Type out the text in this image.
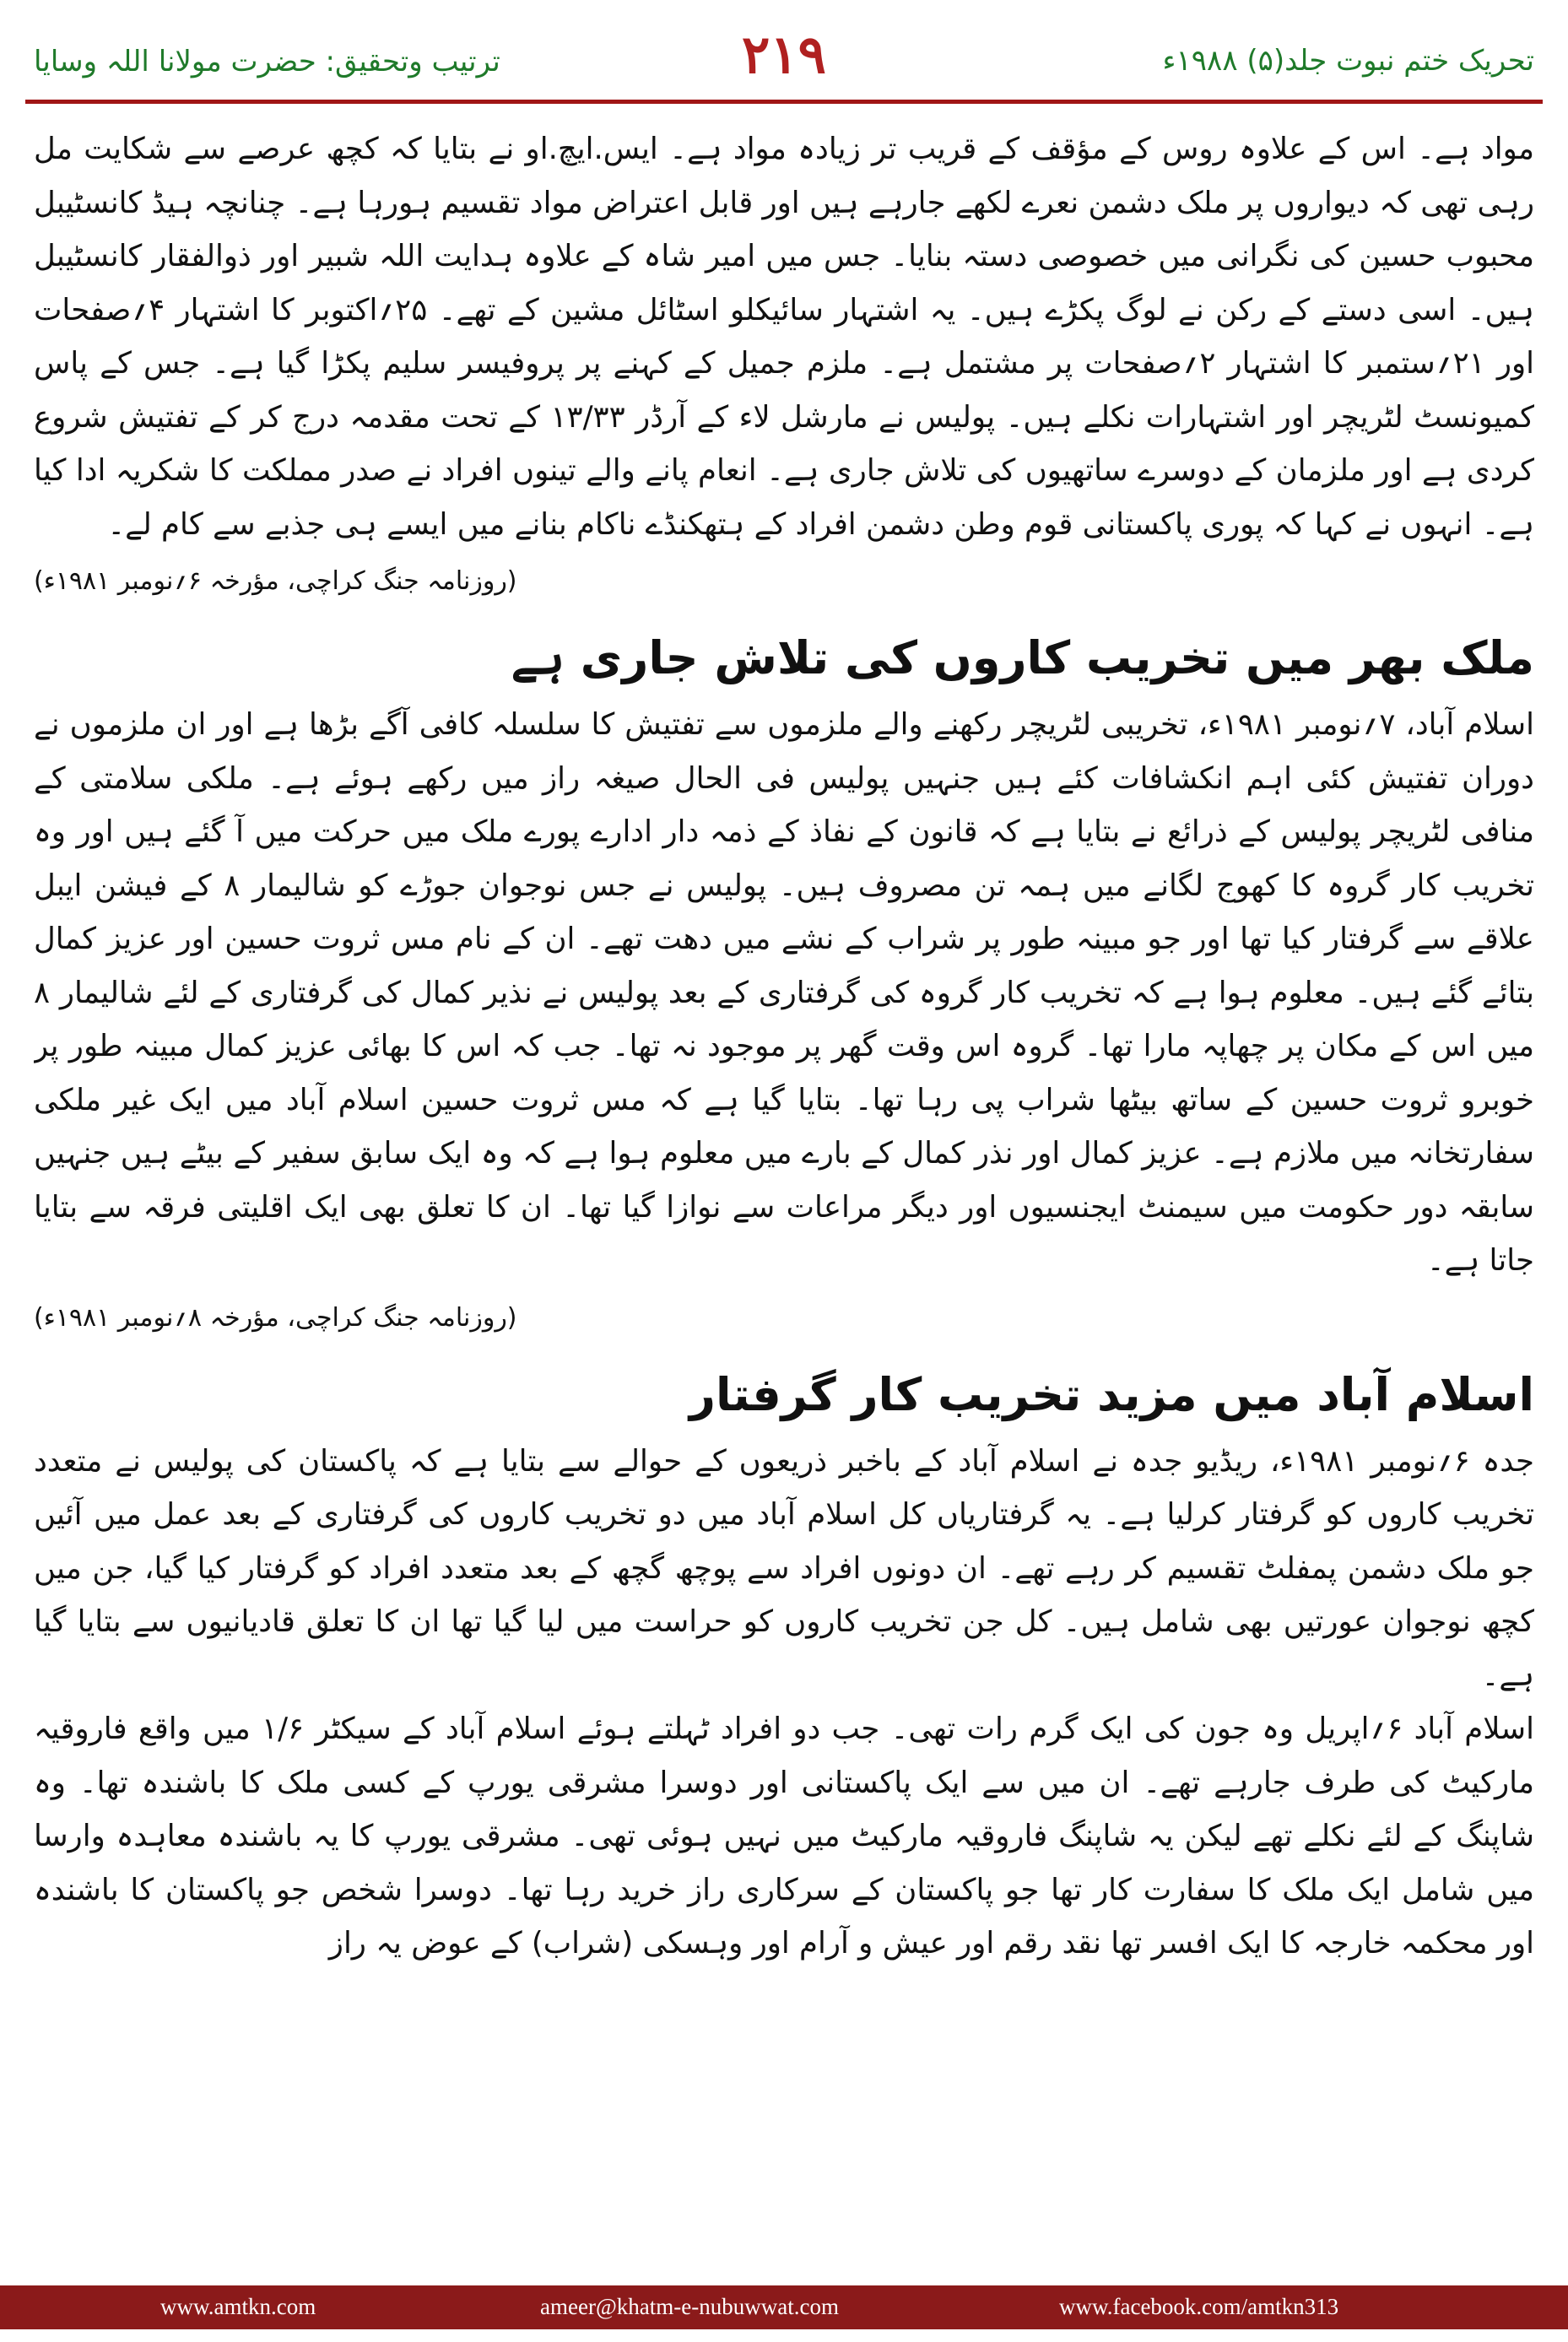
تحریک ختم نبوت جلد(۵) ۱۹۸۸ء
۲۱۹
ترتیب وتحقیق: حضرت مولانا اللہ وسایا

مواد ہے۔ اس کے علاوہ روس کے مؤقف کے قریب تر زیادہ مواد ہے۔ ایس.ایچ.او نے بتایا کہ کچھ عرصے سے شکایت مل رہی تھی کہ دیواروں پر ملک دشمن نعرے لکھے جارہے ہیں اور قابل اعتراض مواد تقسیم ہورہا ہے۔ چنانچہ ہیڈ کانسٹیبل محبوب حسین کی نگرانی میں خصوصی دستہ بنایا۔ جس میں امیر شاہ کے علاوہ ہدایت اللہ شبیر اور ذوالفقار کانسٹیبل ہیں۔ اسی دستے کے رکن نے لوگ پکڑے ہیں۔ یہ اشتہار سائیکلو اسٹائل مشین کے تھے۔ ۲۵؍اکتوبر کا اشتہار ۴؍صفحات اور ۲۱؍ستمبر کا اشتہار ۲؍صفحات پر مشتمل ہے۔ ملزم جمیل کے کہنے پر پروفیسر سلیم پکڑا گیا ہے۔ جس کے پاس کمیونسٹ لٹریچر اور اشتہارات نکلے ہیں۔ پولیس نے مارشل لاء کے آرڈر ۱۳/۳۳ کے تحت مقدمہ درج کر کے تفتیش شروع کردی ہے اور ملزمان کے دوسرے ساتھیوں کی تلاش جاری ہے۔ انعام پانے والے تینوں افراد نے صدر مملکت کا شکریہ ادا کیا ہے۔ انہوں نے کہا کہ پوری پاکستانی قوم وطن دشمن افراد کے ہتھکنڈے ناکام بنانے میں ایسے ہی جذبے سے کام لے۔

(روزنامہ جنگ کراچی، مؤرخہ ۶؍نومبر ۱۹۸۱ء)
ملک بھر میں تخریب کاروں کی تلاش جاری ہے

اسلام آباد، ۷؍نومبر ۱۹۸۱ء، تخریبی لٹریچر رکھنے والے ملزموں سے تفتیش کا سلسلہ کافی آگے بڑھا ہے اور ان ملزموں نے دوران تفتیش کئی اہم انکشافات کئے ہیں جنہیں پولیس فی الحال صیغہ راز میں رکھے ہوئے ہے۔ ملکی سلامتی کے منافی لٹریچر پولیس کے ذرائع نے بتایا ہے کہ قانون کے نفاذ کے ذمہ دار ادارے پورے ملک میں حرکت میں آ گئے ہیں اور وہ تخریب کار گروہ کا کھوج لگانے میں ہمہ تن مصروف ہیں۔ پولیس نے جس نوجوان جوڑے کو شالیمار ۸ کے فیشن ایبل علاقے سے گرفتار کیا تھا اور جو مبینہ طور پر شراب کے نشے میں دھت تھے۔ ان کے نام مس ثروت حسین اور عزیز کمال بتائے گئے ہیں۔ معلوم ہوا ہے کہ تخریب کار گروہ کی گرفتاری کے بعد پولیس نے نذیر کمال کی گرفتاری کے لئے شالیمار ۸ میں اس کے مکان پر چھاپہ مارا تھا۔ گروہ اس وقت گھر پر موجود نہ تھا۔ جب کہ اس کا بھائی عزیز کمال مبینہ طور پر خوبرو ثروت حسین کے ساتھ بیٹھا شراب پی رہا تھا۔ بتایا گیا ہے کہ مس ثروت حسین اسلام آباد میں ایک غیر ملکی سفارتخانہ میں ملازم ہے۔ عزیز کمال اور نذر کمال کے بارے میں معلوم ہوا ہے کہ وہ ایک سابق سفیر کے بیٹے ہیں جنہیں سابقہ دور حکومت میں سیمنٹ ایجنسیوں اور دیگر مراعات سے نوازا گیا تھا۔ ان کا تعلق بھی ایک اقلیتی فرقہ سے بتایا جاتا ہے۔

(روزنامہ جنگ کراچی، مؤرخہ ۸؍نومبر ۱۹۸۱ء)
اسلام آباد میں مزید تخریب کار گرفتار

جدہ ۶؍نومبر ۱۹۸۱ء، ریڈیو جدہ نے اسلام آباد کے باخبر ذریعوں کے حوالے سے بتایا ہے کہ پاکستان کی پولیس نے متعدد تخریب کاروں کو گرفتار کرلیا ہے۔ یہ گرفتاریاں کل اسلام آباد میں دو تخریب کاروں کی گرفتاری کے بعد عمل میں آئیں جو ملک دشمن پمفلٹ تقسیم کر رہے تھے۔ ان دونوں افراد سے پوچھ گچھ کے بعد متعدد افراد کو گرفتار کیا گیا، جن میں کچھ نوجوان عورتیں بھی شامل ہیں۔ کل جن تخریب کاروں کو حراست میں لیا گیا تھا ان کا تعلق قادیانیوں سے بتایا گیا ہے۔

اسلام آباد ۶؍اپریل وہ جون کی ایک گرم رات تھی۔ جب دو افراد ٹہلتے ہوئے اسلام آباد کے سیکٹر ۱/۶ میں واقع فاروقیہ مارکیٹ کی طرف جارہے تھے۔ ان میں سے ایک پاکستانی اور دوسرا مشرقی یورپ کے کسی ملک کا باشندہ تھا۔ وہ شاپنگ کے لئے نکلے تھے لیکن یہ شاپنگ فاروقیہ مارکیٹ میں نہیں ہوئی تھی۔ مشرقی یورپ کا یہ باشندہ معاہدہ وارسا میں شامل ایک ملک کا سفارت کار تھا جو پاکستان کے سرکاری راز خرید رہا تھا۔ دوسرا شخص جو پاکستان کا باشندہ اور محکمہ خارجہ کا ایک افسر تھا نقد رقم اور عیش و آرام اور وہسکی (شراب) کے عوض یہ راز

www.amtkn.com	ameer@khatm-e-nubuwwat.com	www.facebook.com/amtkn313
